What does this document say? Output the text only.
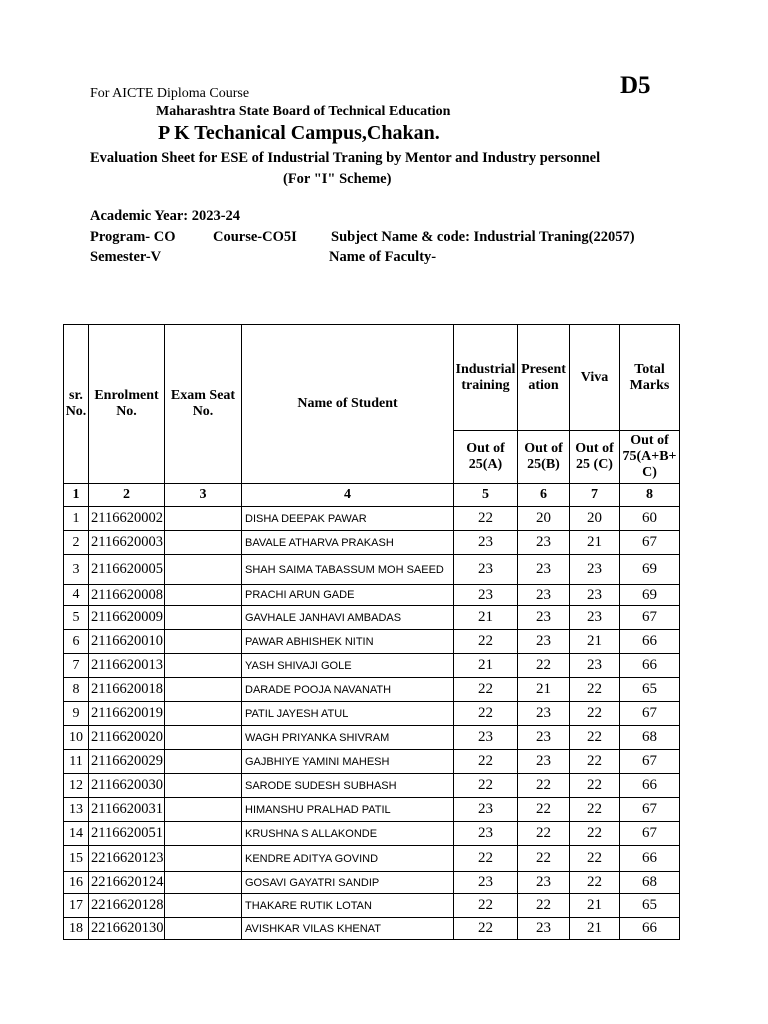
For AICTE Diploma Course	D5
Maharashtra State Board of Technical Education
P K Techanical Campus,Chakan.
Evaluation Sheet for ESE of Industrial Traning by Mentor and Industry personnel
(For "I" Scheme)
Academic Year: 2023-24
Program- CO	Course-CO5I Subject Name & code: Industrial Traning(22057)
Semester-V	Name of Faculty-
sr. No.	Enrolment No.	Exam Seat No.	Name of Student	Industrial training	Present ation	Viva	Total Marks
				Out of 25(A)	Out of 25(B)	Out of 25 (C)	Out of 75(A+B+ C)
1	2	3	4	5	6	7	8
1	2116620002		DISHA DEEPAK PAWAR	22	20	20	60
2	2116620003		BAVALE ATHARVA PRAKASH	23	23	21	67
3	2116620005		SHAH SAIMA TABASSUM MOH SAEED	23	23	23	69
4	2116620008		PRACHI ARUN GADE	23	23	23	69
5	2116620009		GAVHALE JANHAVI AMBADAS	21	23	23	67
6	2116620010		PAWAR ABHISHEK NITIN	22	23	21	66
7	2116620013		YASH SHIVAJI GOLE	21	22	23	66
8	2116620018		DARADE POOJA NAVANATH	22	21	22	65
9	2116620019		PATIL JAYESH ATUL	22	23	22	67
10	2116620020		WAGH PRIYANKA SHIVRAM	23	23	22	68
11	2116620029		GAJBHIYE YAMINI MAHESH	22	23	22	67
12	2116620030		SARODE SUDESH SUBHASH	22	22	22	66
13	2116620031		HIMANSHU PRALHAD PATIL	23	22	22	67
14	2116620051		KRUSHNA S ALLAKONDE	23	22	22	67
15	2216620123		KENDRE ADITYA GOVIND	22	22	22	66
16	2216620124		GOSAVI GAYATRI SANDIP	23	23	22	68
17	2216620128		THAKARE RUTIK LOTAN	22	22	21	65
18	2216620130		AVISHKAR VILAS KHENAT	22	23	21	66
